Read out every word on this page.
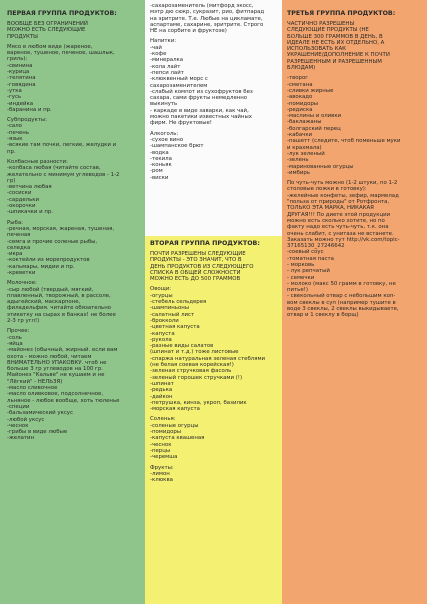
ПЕРВАЯ ГРУППА ПРОДУКТОВ:
ВООБЩЕ БЕЗ ОГРАНИЧЕНИЙ
МОЖНО ЕСТЬ СЛЕДУЮЩИЕ
ПРОДУКТЫ
Мясо в любом виде (жареное,
вареное, тушеное, печеное, шашлык,
гриль):
-свинина
-курица
-телятина
-говядина
-утка
-гусь
-индейка
-баранина и пр.
Субпродукты:
-сало
-печень
-язык
-всякие там почки, легкие, желудки и
пр.
Колбасные разности:
-колбаса любая (читайте состав,
желательно с минимум углеводов - 1-2
гр)
-ветчина любая
-сосиски
-сардельки
-окорочки
-шпикачки и пр.
Рыба:
-речная, морская, жареная, тушеная,
печеная
-семга и прочие соленые рыбы,
селедка
-икра
-коктейли из морепродуктов
-кальмары, мидии и пр.
-креветки
Молочное:
-сыр любой (твердый, мягкий,
плавленный, творожный, в рассоле,
адыгейский, маскарпоне,
филадельфия. читайте обязательно
этикетку на сырах в банках! не более
2-3 гр угл!)
Прочее:
-соль
-яйца
-майонез (обычный, жирный. если вам
охота - можно любой, читаем
ВНИМАТЕЛЬНО УПАКОВКУ. чтоб не
больше 3 гр углеводов на 100 гр.
Майонез "Кальве" не кушаем и не
"Лёгкий" - НЕЛЬЗЯ)
-масло сливочное
-масло оливковое, подсолнечное,
льняное - любое вообще, хоть тюленье
-специи
-бальзамический уксус
-любой уксус
-чеснок
-грибы в виде любые
-желатин
-сахарозаменитель (митфорд экосс,
мэтр дю сюкр, сукразит, рио, фитпарад
на эритрите. Т.е. Любые на цикламате,
аспартаме, сахарине, эритрите. Строго
НЕ на сорбите и фруктозе)
Напитки:
-чай
-кофе
-минералка
-кола лайт
-пепси лайт
-клюквенный морс с
сахарозаменителем
-слабый компот из сухофруктов без
сахара, сами фрукты немедленно
выкинуть
- каркаде в виде заварки, как чай,
можно пакетики известных чайных
фирм. Не фруктовые!
Алкоголь:
-сухое вино
-шампанское брют
-водка
-текила
-коньяк
-ром
-виски
ВТОРАЯ ГРУППА ПРОДУКТОВ:
ПОЧТИ РАЗРЕШЕНЫ СЛЕДУЮЩИЕ
ПРОДУКТЫ - ЭТО ЗНАЧИТ, ЧТО В
ДЕНЬ ПРОДУКТОВ ИЗ СЛЕДУЮЩЕГО
СПИСКА В ОБЩЕЙ СЛОЖНОСТИ
МОЖНО ЕСТЬ ДО 500 ГРАММОВ
Овощи:
-огурцы
-стебель сельдерея
-шампиньоны
-салатный лист
-брокколи
-цветная капуста
-капуста
-рукола
-разные виды салатов
(шпинат и т.д.) тоже листовые
-спаржа натуральная зеленая стеблями
(не белая соевая корейская!)
-зеленая стручковая фасоль
-зеленый горошек стручками (!)
-шпинат
-редька
-дайкон
-петрушка, кинза, укроп, базилик
-морская капуста
Соленья:
-соленые огурцы
-помидоры
-капуста квашеная
-чеснок
-перцы
-черемша
Фрукты:
-лимон
-клюква
ТРЕТЬЯ ГРУППА ПРОДУКТОВ:
ЧАСТИЧНО РАЗРЕШЕНЫ
СЛЕДУЮЩИЕ ПРОДУКТЫ (НЕ
БОЛЬШЕ 300 ГРАММОВ В ДЕНЬ, В
ИДЕАЛЕ НЕ ЕСТЬ ИХ ОТДЕЛЬНО, А
ИСПОЛЬЗОВАТЬ КАК
УКРАШЕНИЕ/ДОПОЛНЕНИЕ К ПОЧТИ
РАЗРЕШЕННЫМ И РАЗРЕШЕННЫМ
БЛЮДАМ)
-творог
-сметана
-сливки жирные
-авокадо
-помидоры
-редиска
-маслины и оливки
-баклажаны
-болгарский перец
-кабачки
-пашетт (следите, чтоб поменьше муки
и крахмала)
-лук зеленый
-зелень
-маринованные огурцы
-имбирь
По чуть-чуть можно (1-2 штуки, по 1-2
столовые ложки в готовку):
-желейные конфеты, зефир, мармелад
"польза от природы" от Ротфронта,
ТОЛЬКО ЭТА МАРКА, НИКАКАЯ
ДРУГАЯ!!! По диете этой продукции
можно есть сколько хотите, но по
факту надо есть чуть-чуть, т.к. она
очень слабит, с унитаза не встанете.
Заказать можно тут http://vk.com/topic-
37165130_27246642
-соевый соус
-томатная паста
- морковь
- лук репчатый
- семечки
- молоко (макс 50 грамм в готовку, не
питье!)
- свекольный отвар с небольшим коп-
вом свеклы в суп (например тушите в
воде 3 свеклы, 2 свеклы выкидываете,
отвар и 1 свеклу в борщ)
